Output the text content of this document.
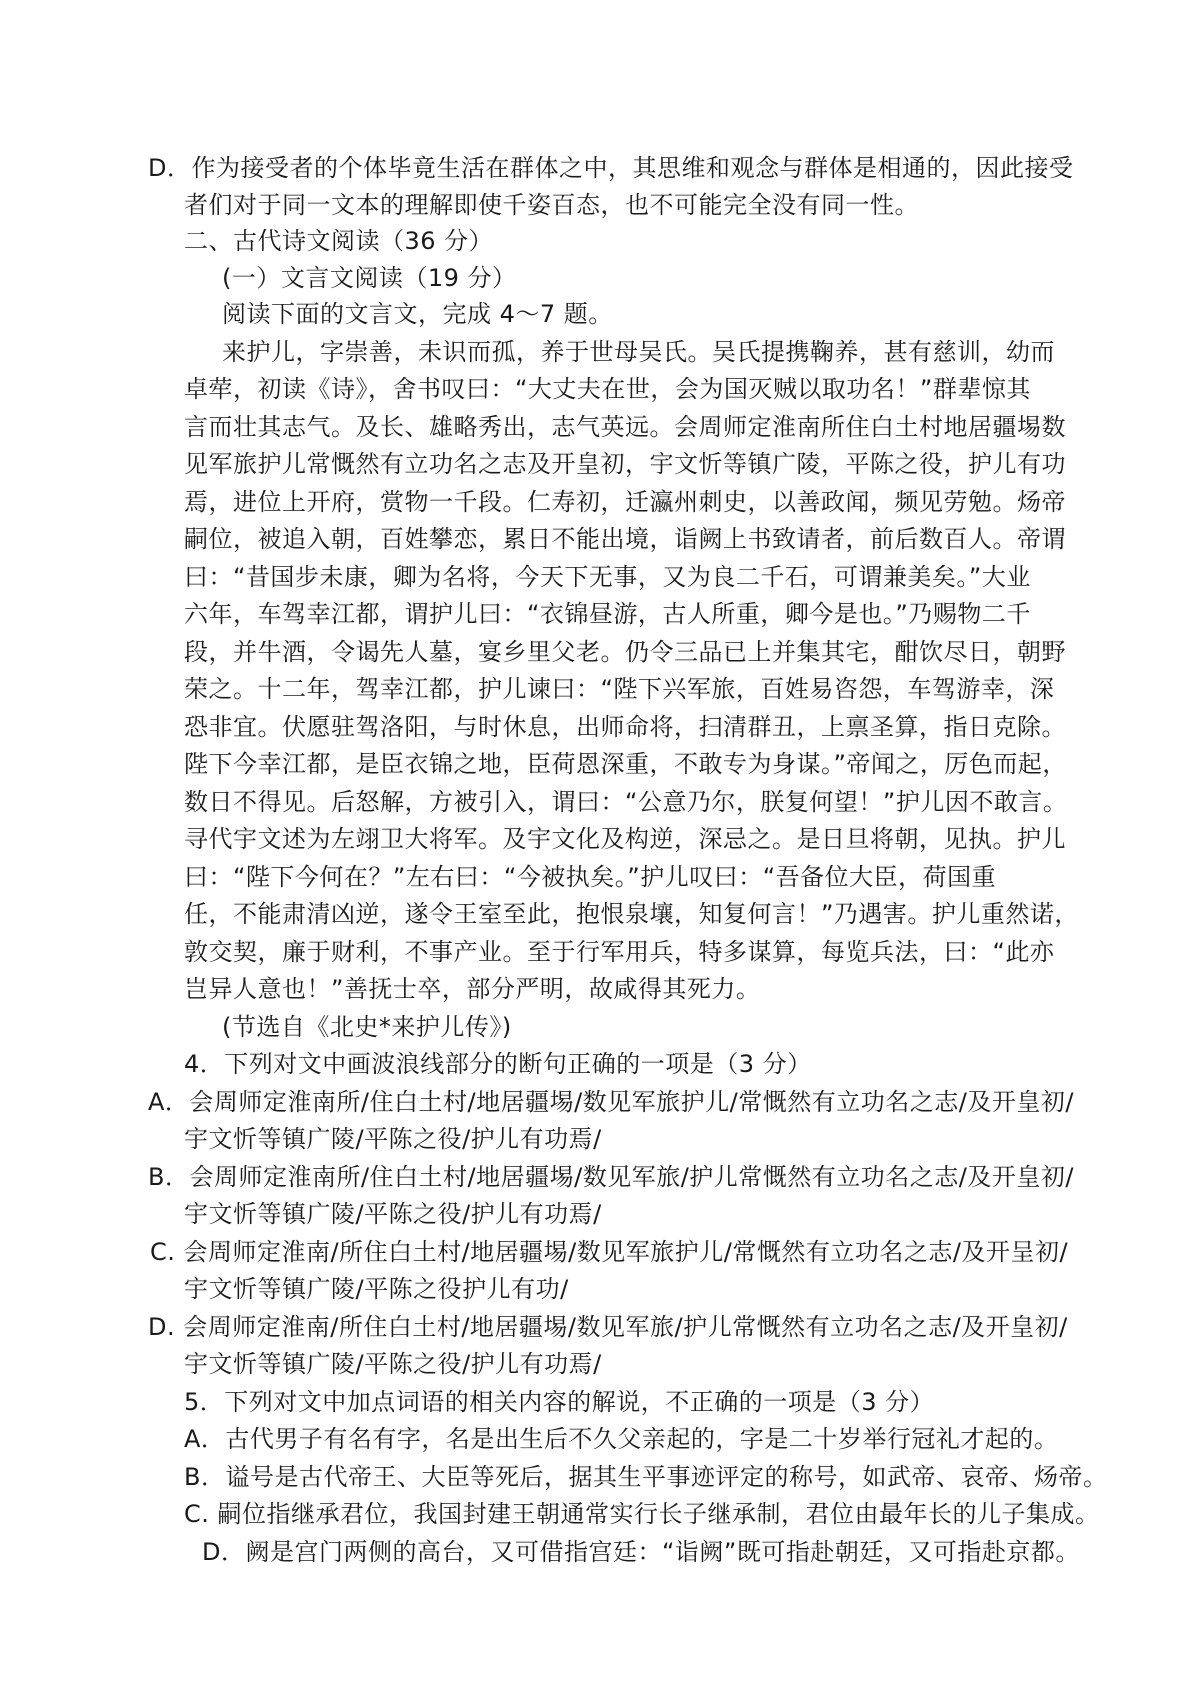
D．作为接受者的个体毕竟生活在群体之中，其思维和观念与群体是相通的，因此接受
者们对于同一文本的理解即使千姿百态，也不可能完全没有同一性。
二、古代诗文阅读（36 分）
(一）文言文阅读（19 分）
阅读下面的文言文，完成 4～7 题。
来护儿，字崇善，未识而孤，养于世母吴氏。吴氏提携鞠养，甚有慈训，幼而
卓荦，初读《诗》，舍书叹曰：“大丈夫在世，会为国灭贼以取功名！”群辈惊其
言而壮其志气。及长、雄略秀出，志气英远。会周师定淮南所住白土村地居疆埸数
见军旅护儿常慨然有立功名之志及开皇初，宇文忻等镇广陵，平陈之役，护儿有功
焉，进位上开府，赏物一千段。仁寿初，迁瀛州刺史，以善政闻，频见劳勉。炀帝
嗣位，被追入朝，百姓攀恋，累日不能出境，诣阙上书致请者，前后数百人。帝谓
曰：“昔国步未康，卿为名将，今天下无事，又为良二千石，可谓兼美矣。”大业
六年，车驾幸江都，谓护儿曰：“衣锦昼游，古人所重，卿今是也。”乃赐物二千
段，并牛酒，令谒先人墓，宴乡里父老。仍令三品已上并集其宅，酣饮尽日，朝野
荣之。十二年，驾幸江都，护儿谏曰：“陛下兴军旅，百姓易咨怨，车驾游幸，深
恐非宜。伏愿驻驾洛阳，与时休息，出师命将，扫清群丑，上禀圣算，指日克除。
陛下今幸江都，是臣衣锦之地，臣荷恩深重，不敢专为身谋。”帝闻之，厉色而起，
数日不得见。后怒解，方被引入，谓曰：“公意乃尔，朕复何望！”护儿因不敢言。
寻代宇文述为左翊卫大将军。及宇文化及构逆，深忌之。是日旦将朝，见执。护儿
曰：“陛下今何在？”左右曰：“今被执矣。”护儿叹曰：“吾备位大臣，荷国重
任，不能肃清凶逆，遂令王室至此，抱恨泉壤，知复何言！”乃遇害。护儿重然诺，
敦交契，廉于财利，不事产业。至于行军用兵，特多谋算，每览兵法，曰：“此亦
岂异人意也！”善抚士卒，部分严明，故咸得其死力。
(节选自《北史*来护儿传》)
4．下列对文中画波浪线部分的断句正确的一项是（3 分）
A．会周师定淮南所/住白土村/地居疆埸/数见军旅护儿/常慨然有立功名之志/及开皇初/
宇文忻等镇广陵/平陈之役/护儿有功焉/
B．会周师定淮南所/住白土村/地居疆埸/数见军旅/护儿常慨然有立功名之志/及开皇初/
宇文忻等镇广陵/平陈之役/护儿有功焉/
C. 会周师定淮南/所住白土村/地居疆埸/数见军旅护儿/常慨然有立功名之志/及开呈初/
宇文忻等镇广陵/平陈之役护儿有功/
D. 会周师定淮南/所住白土村/地居疆埸/数见军旅/护儿常慨然有立功名之志/及开皇初/
宇文忻等镇广陵/平陈之役/护儿有功焉/
5．下列对文中加点词语的相关内容的解说，不正确的一项是（3 分）
A．古代男子有名有字，名是出生后不久父亲起的，字是二十岁举行冠礼才起的。
B．谥号是古代帝王、大臣等死后，据其生平事迹评定的称号，如武帝、哀帝、炀帝。
C. 嗣位指继承君位，我国封建王朝通常实行长子继承制，君位由最年长的儿子集成。
D．阙是宫门两侧的高台，又可借指宫廷：“诣阙”既可指赴朝廷，又可指赴京都。
